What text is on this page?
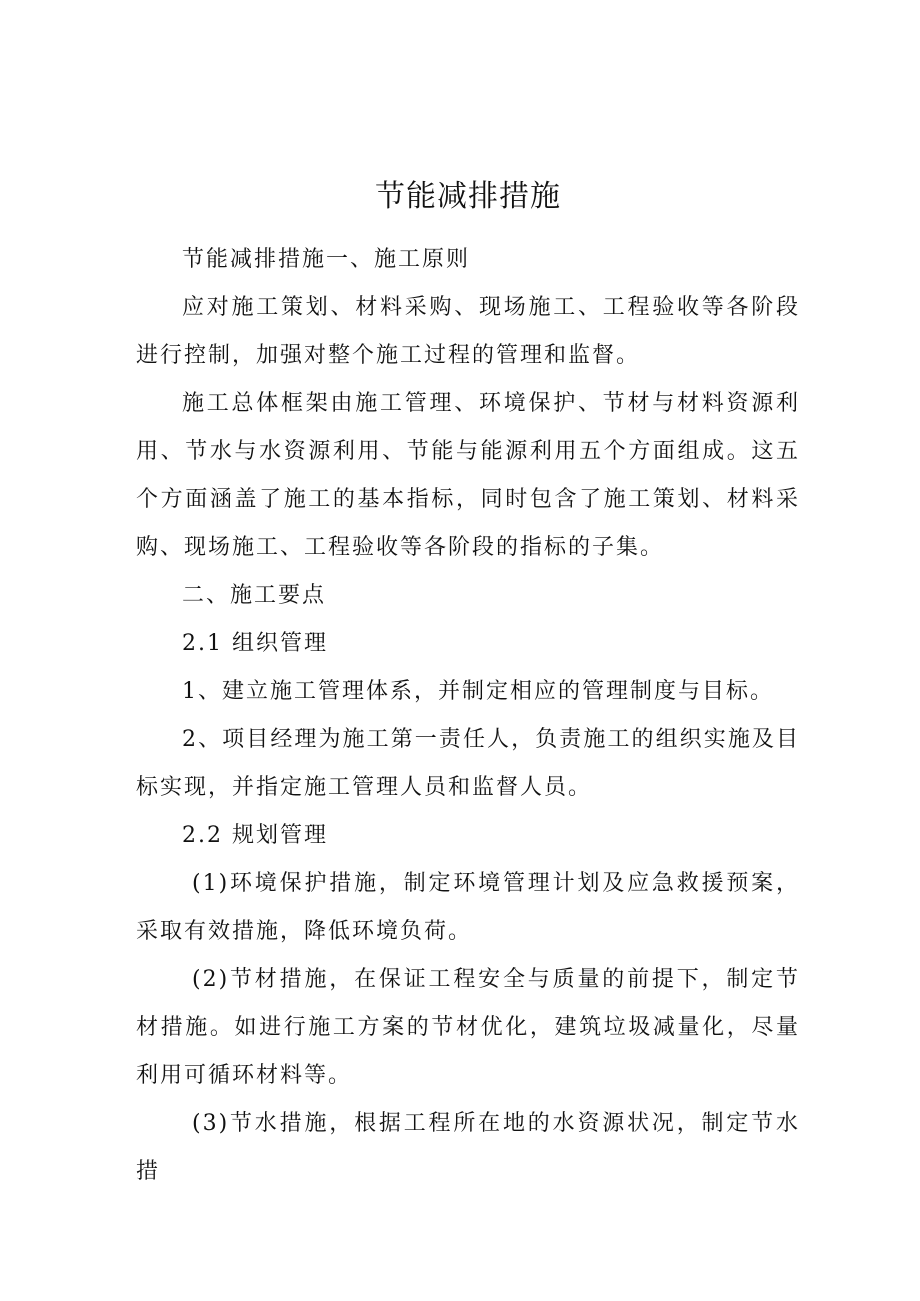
节能减排措施

节能减排措施一、施工原则

应对施工策划、材料采购、现场施工、工程验收等各阶段进行控制，加强对整个施工过程的管理和监督。

施工总体框架由施工管理、环境保护、节材与材料资源利用、节水与水资源利用、节能与能源利用五个方面组成。这五个方面涵盖了施工的基本指标，同时包含了施工策划、材料采购、现场施工、工程验收等各阶段的指标的子集。

二、施工要点

2.1 组织管理

1、建立施工管理体系，并制定相应的管理制度与目标。

2、项目经理为施工第一责任人，负责施工的组织实施及目标实现，并指定施工管理人员和监督人员。

2.2 规划管理

(1)环境保护措施，制定环境管理计划及应急救援预案，采取有效措施，降低环境负荷。

(2)节材措施，在保证工程安全与质量的前提下，制定节材措施。如进行施工方案的节材优化，建筑垃圾减量化，尽量利用可循环材料等。

(3)节水措施，根据工程所在地的水资源状况，制定节水措
